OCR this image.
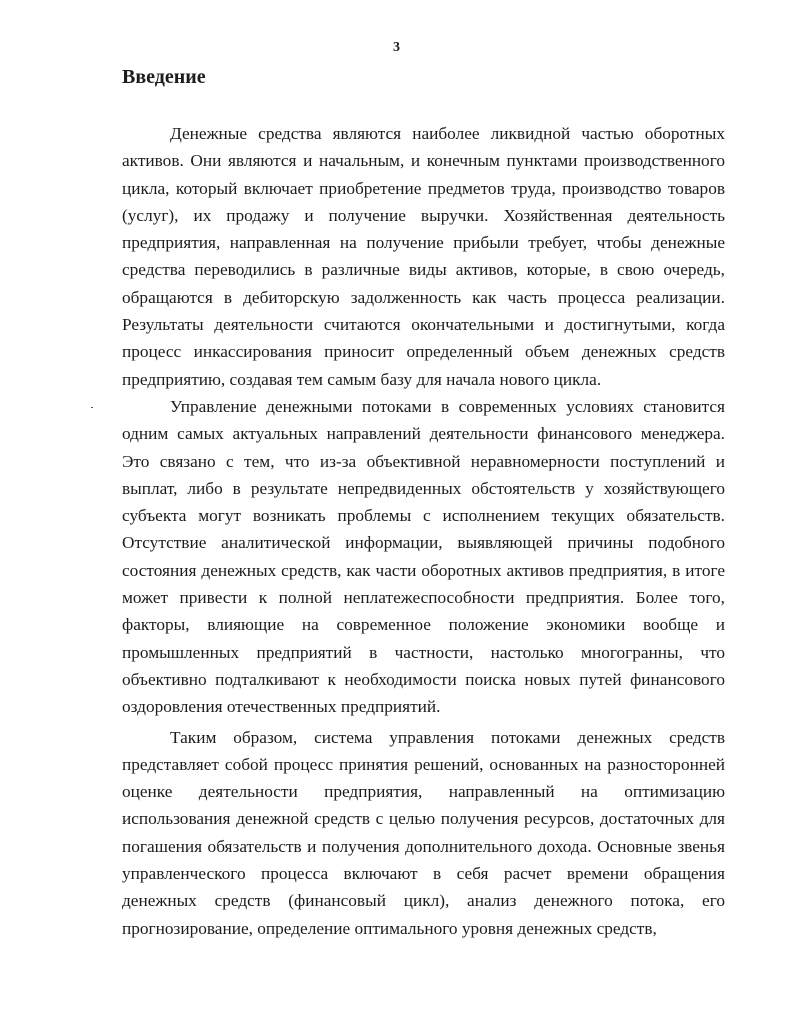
3
Введение

Денежные средства являются наиболее ликвидной частью оборотных активов. Они являются и начальным, и конечным пунктами производственного цикла, который включает приобретение предметов труда, производство товаров (услуг), их продажу и получение выручки. Хозяйственная деятельность предприятия, направленная на получение прибыли требует, чтобы денежные средства переводились в различные виды активов, которые, в свою очередь, обращаются в дебиторскую задолженность как часть процесса реализации. Результаты деятельности считаются окончательными и достигнутыми, когда процесс инкассирования приносит определенный объем денежных средств предприятию, создавая тем самым базу для начала нового цикла.

Управление денежными потоками в современных условиях становится одним самых актуальных направлений деятельности финансового менеджера. Это связано с тем, что из-за объективной неравномерности поступлений и выплат, либо в результате непредвиденных обстоятельств у хозяйствующего субъекта могут возникать проблемы с исполнением текущих обязательств. Отсутствие аналитической информации, выявляющей причины подобного состояния денежных средств, как части оборотных активов предприятия, в итоге может привести к полной неплатежеспособности предприятия. Более того, факторы, влияющие на современное положение экономики вообще и промышленных предприятий в частности, настолько многогранны, что объективно подталкивают к необходимости поиска новых путей финансового оздоровления отечественных предприятий.

Таким образом, система управления потоками денежных средств представляет собой процесс принятия решений, основанных на разносторонней оценке деятельности предприятия, направленный на оптимизацию использования денежной средств с целью получения ресурсов, достаточных для погашения обязательств и получения дополнительного дохода. Основные звенья управленческого процесса включают в себя расчет времени обращения денежных средств (финансовый цикл), анализ денежного потока, его прогнозирование, определение оптимального уровня денежных средств,
